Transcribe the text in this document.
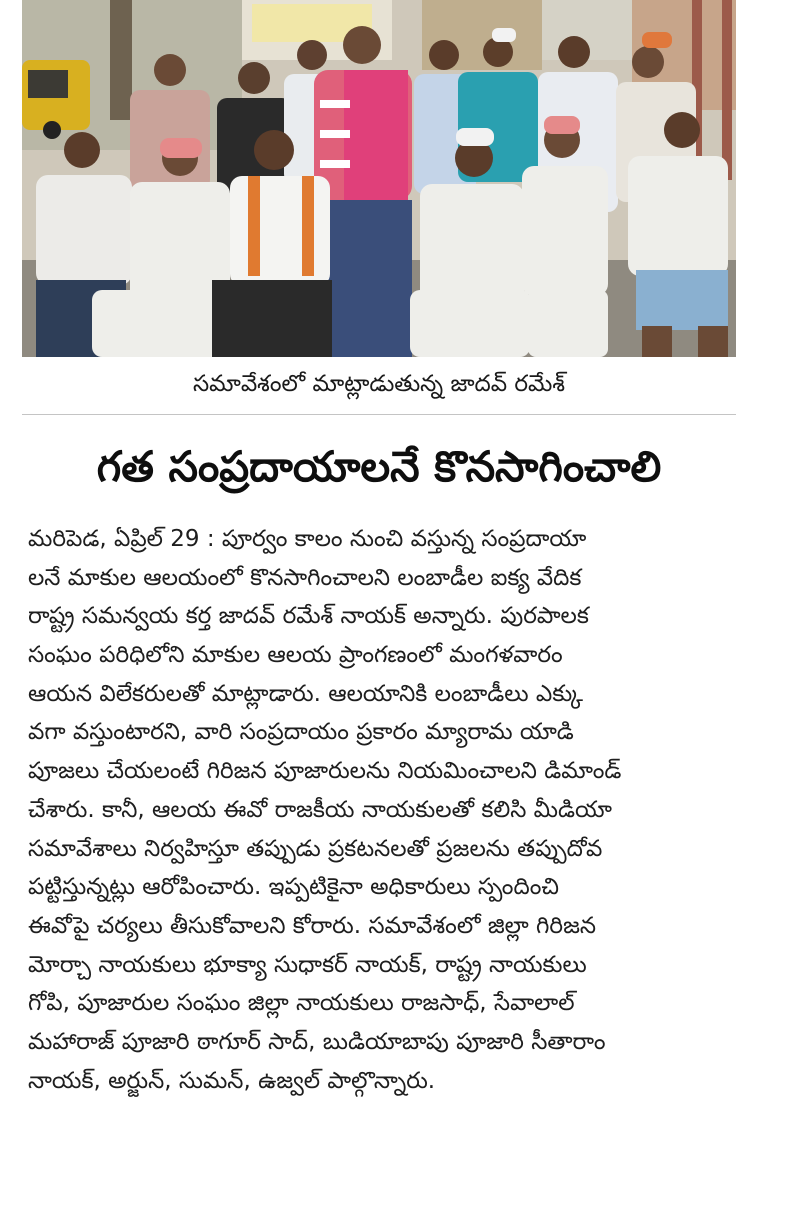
సమావేశంలో మాట్లాడుతున్న జాదవ్ రమేశ్
గత సంప్రదాయాలనే కొనసాగించాలి
మరిపెడ, ఏప్రిల్ 29 : పూర్వం కాలం నుంచి వస్తున్న సంప్రదాయా
లనే మాకుల ఆలయంలో కొనసాగించాలని లంబాడీల ఐక్య వేదిక
రాష్ట్ర సమన్వయ కర్త జాదవ్ రమేశ్ నాయక్ అన్నారు. పురపాలక
సంఘం పరిధిలోని మాకుల ఆలయ ప్రాంగణంలో మంగళవారం
ఆయన విలేకరులతో మాట్లాడారు. ఆలయానికి లంబాడీలు ఎక్కు
వగా వస్తుంటారని, వారి సంప్రదాయం ప్రకారం మ్యారామ యాడి
పూజలు చేయలంటే గిరిజన పూజారులను నియమించాలని డిమాండ్
చేశారు. కానీ, ఆలయ ఈవో రాజకీయ నాయకులతో కలిసి మీడియా
సమావేశాలు నిర్వహిస్తూ తప్పుడు ప్రకటనలతో ప్రజలను తప్పుదోవ
పట్టిస్తున్నట్లు ఆరోపించారు. ఇప్పటికైనా అధికారులు స్పందించి
ఈవోపై చర్యలు తీసుకోవాలని కోరారు. సమావేశంలో జిల్లా గిరిజన
మోర్చా నాయకులు భూక్యా సుధాకర్ నాయక్, రాష్ట్ర నాయకులు
గోపి, పూజారుల సంఘం జిల్లా నాయకులు రాజసాధ్, సేవాలాల్
మహారాజ్ పూజారి ఠాగూర్ సాద్, బుడియాబాపు పూజారి సీతారాం
నాయక్, అర్జున్, సుమన్, ఉజ్వల్ పాల్గొన్నారు.
